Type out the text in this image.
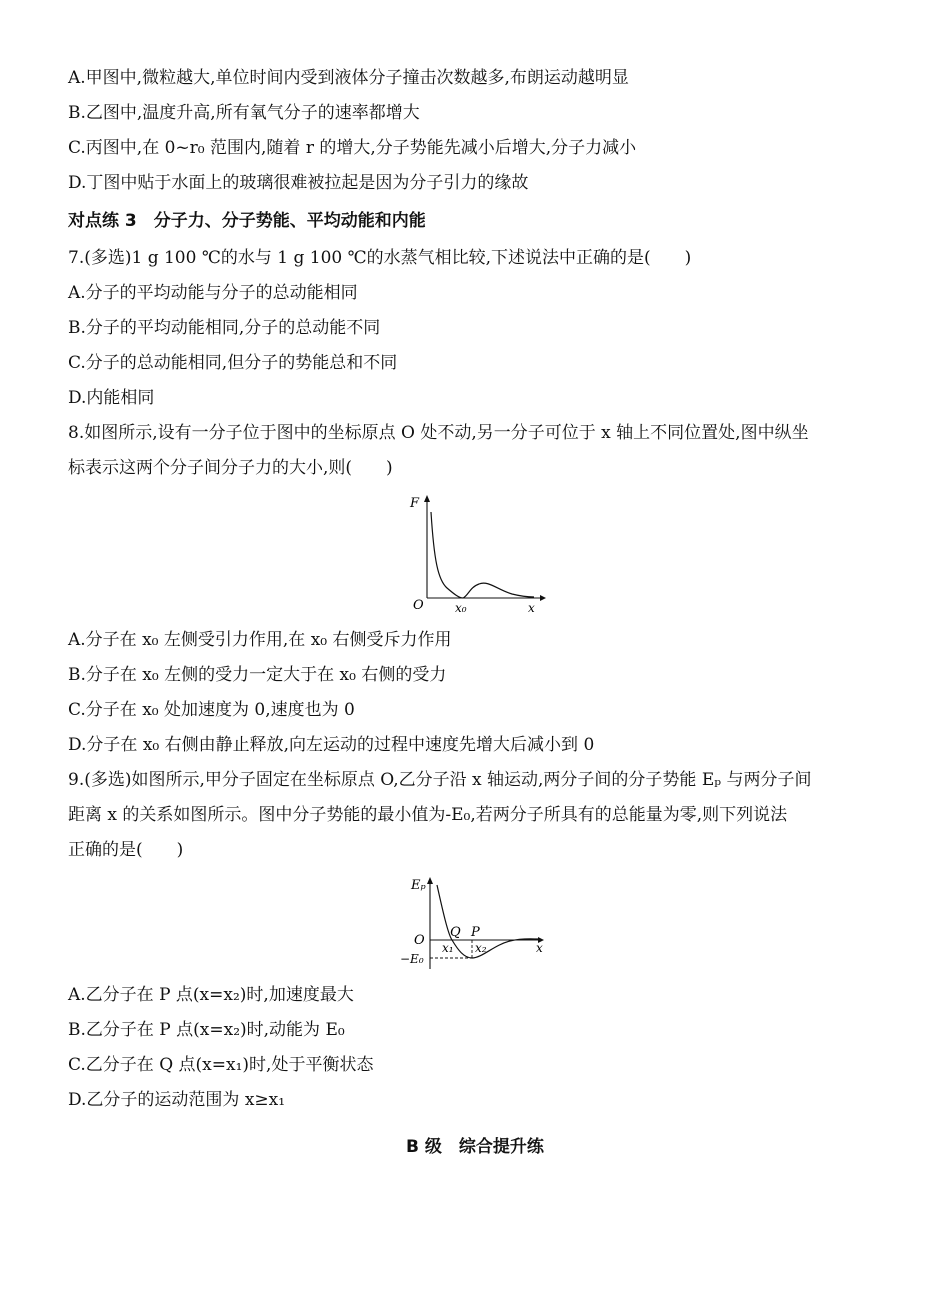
A.甲图中,微粒越大,单位时间内受到液体分子撞击次数越多,布朗运动越明显
B.乙图中,温度升高,所有氧气分子的速率都增大
C.丙图中,在 0~r₀ 范围内,随着 r 的增大,分子势能先减小后增大,分子力减小
D.丁图中贴于水面上的玻璃很难被拉起是因为分子引力的缘故
对点练 3　分子力、分子势能、平均动能和内能
7.(多选)1 g 100 ℃的水与 1 g 100 ℃的水蒸气相比较,下述说法中正确的是(　　)
A.分子的平均动能与分子的总动能相同
B.分子的平均动能相同,分子的总动能不同
C.分子的总动能相同,但分子的势能总和不同
D.内能相同
8.如图所示,设有一分子位于图中的坐标原点 O 处不动,另一分子可位于 x 轴上不同位置处,图中纵坐
标表示这两个分子间分子力的大小,则(　　)
F
O	x₀	x
A.分子在 x₀ 左侧受引力作用,在 x₀ 右侧受斥力作用
B.分子在 x₀ 左侧的受力一定大于在 x₀ 右侧的受力
C.分子在 x₀ 处加速度为 0,速度也为 0
D.分子在 x₀ 右侧由静止释放,向左运动的过程中速度先增大后减小到 0
9.(多选)如图所示,甲分子固定在坐标原点 O,乙分子沿 x 轴运动,两分子间的分子势能 Eₚ 与两分子间
距离 x 的关系如图所示。图中分子势能的最小值为-E₀,若两分子所具有的总能量为零,则下列说法
正确的是(　　)
Eₚ
O
−E₀
Q P
x₁ x₂	x
A.乙分子在 P 点(x=x₂)时,加速度最大
B.乙分子在 P 点(x=x₂)时,动能为 E₀
C.乙分子在 Q 点(x=x₁)时,处于平衡状态
D.乙分子的运动范围为 x≥x₁
B 级　综合提升练
